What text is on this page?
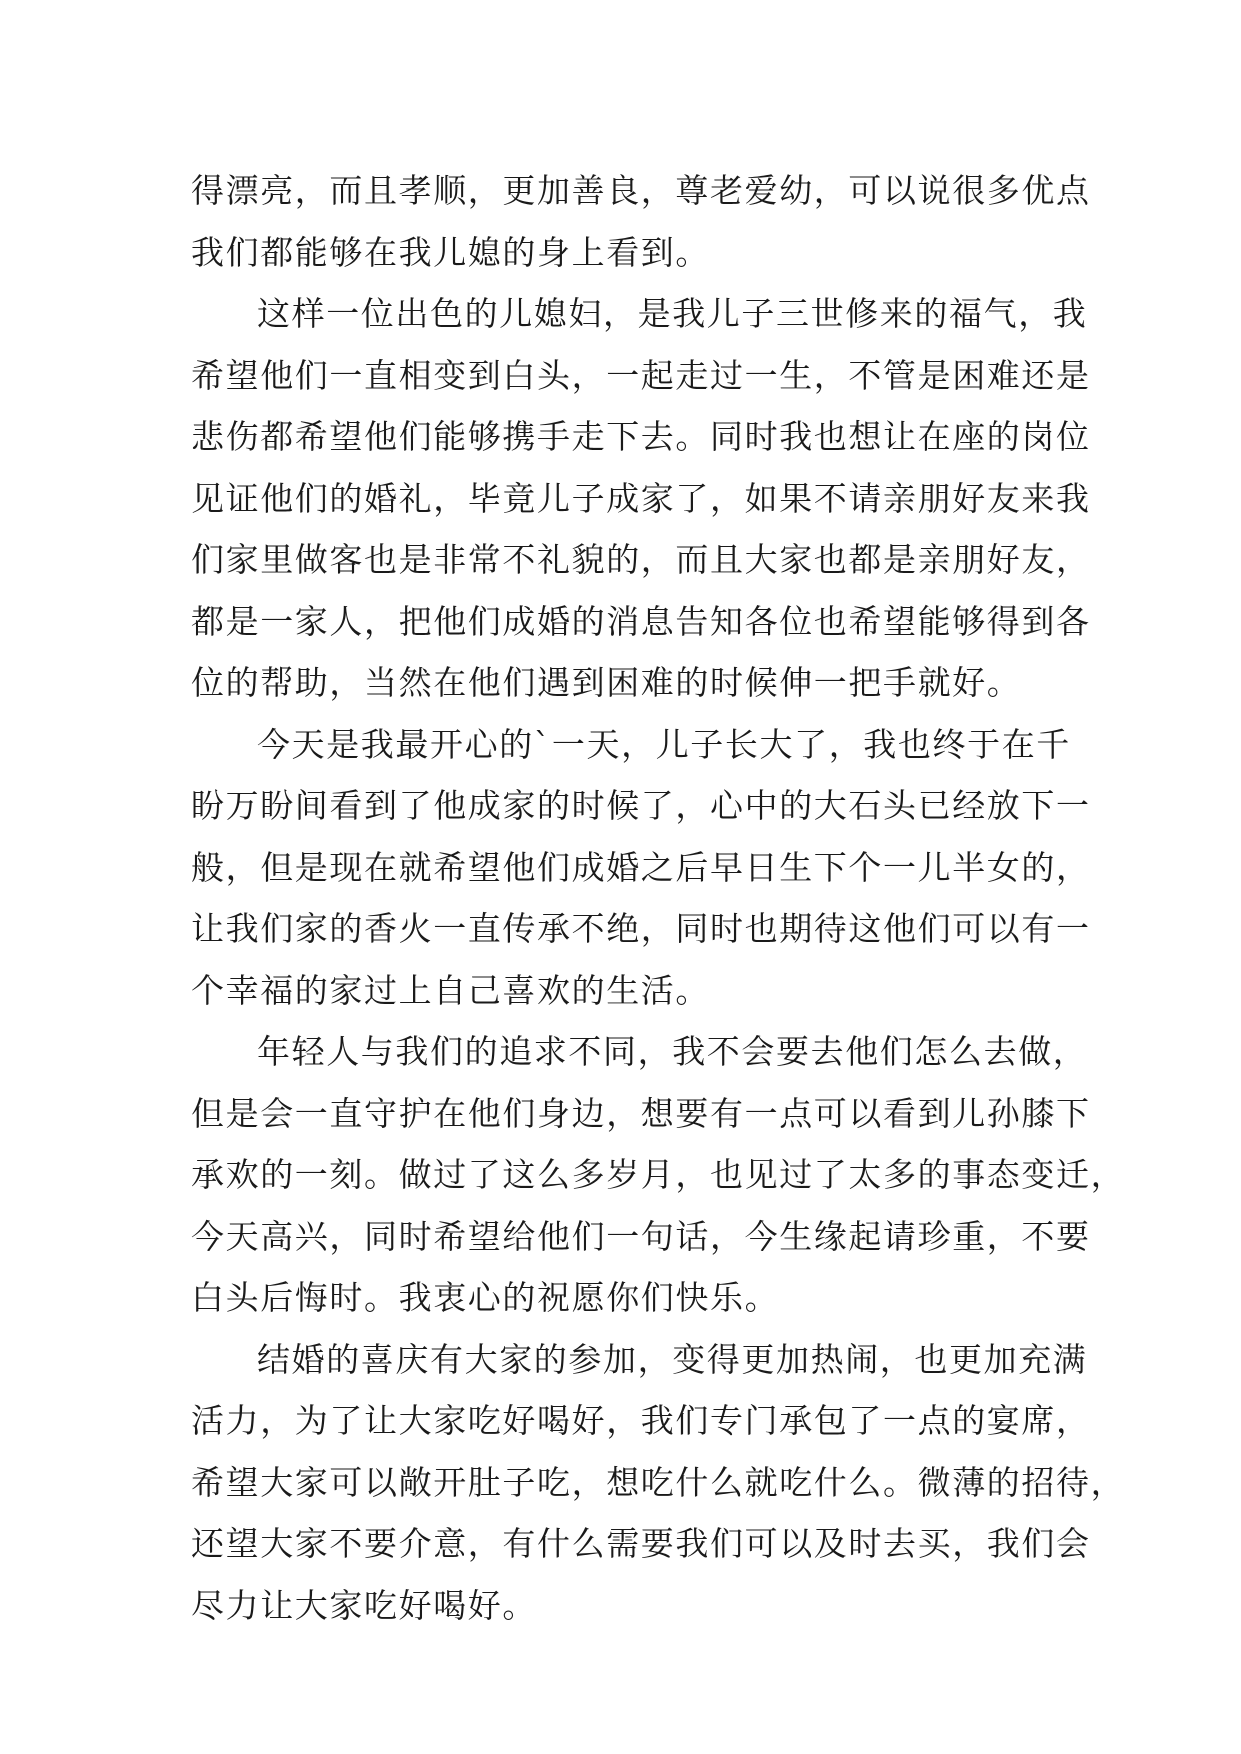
得漂亮，而且孝顺，更加善良，尊老爱幼，可以说很多优点
我们都能够在我儿媳的身上看到。
这样一位出色的儿媳妇，是我儿子三世修来的福气，我
希望他们一直相变到白头，一起走过一生，不管是困难还是
悲伤都希望他们能够携手走下去。同时我也想让在座的岗位
见证他们的婚礼，毕竟儿子成家了，如果不请亲朋好友来我
们家里做客也是非常不礼貌的，而且大家也都是亲朋好友，
都是一家人，把他们成婚的消息告知各位也希望能够得到各
位的帮助，当然在他们遇到困难的时候伸一把手就好。
今天是我最开心的`一天，儿子长大了，我也终于在千
盼万盼间看到了他成家的时候了，心中的大石头已经放下一
般，但是现在就希望他们成婚之后早日生下个一儿半女的，
让我们家的香火一直传承不绝，同时也期待这他们可以有一
个幸福的家过上自己喜欢的生活。
年轻人与我们的追求不同，我不会要去他们怎么去做，
但是会一直守护在他们身边，想要有一点可以看到儿孙膝下
承欢的一刻。做过了这么多岁月，也见过了太多的事态变迁，
今天高兴，同时希望给他们一句话，今生缘起请珍重，不要
白头后悔时。我衷心的祝愿你们快乐。
结婚的喜庆有大家的参加，变得更加热闹，也更加充满
活力，为了让大家吃好喝好，我们专门承包了一点的宴席，
希望大家可以敞开肚子吃，想吃什么就吃什么。微薄的招待，
还望大家不要介意，有什么需要我们可以及时去买，我们会
尽力让大家吃好喝好。
